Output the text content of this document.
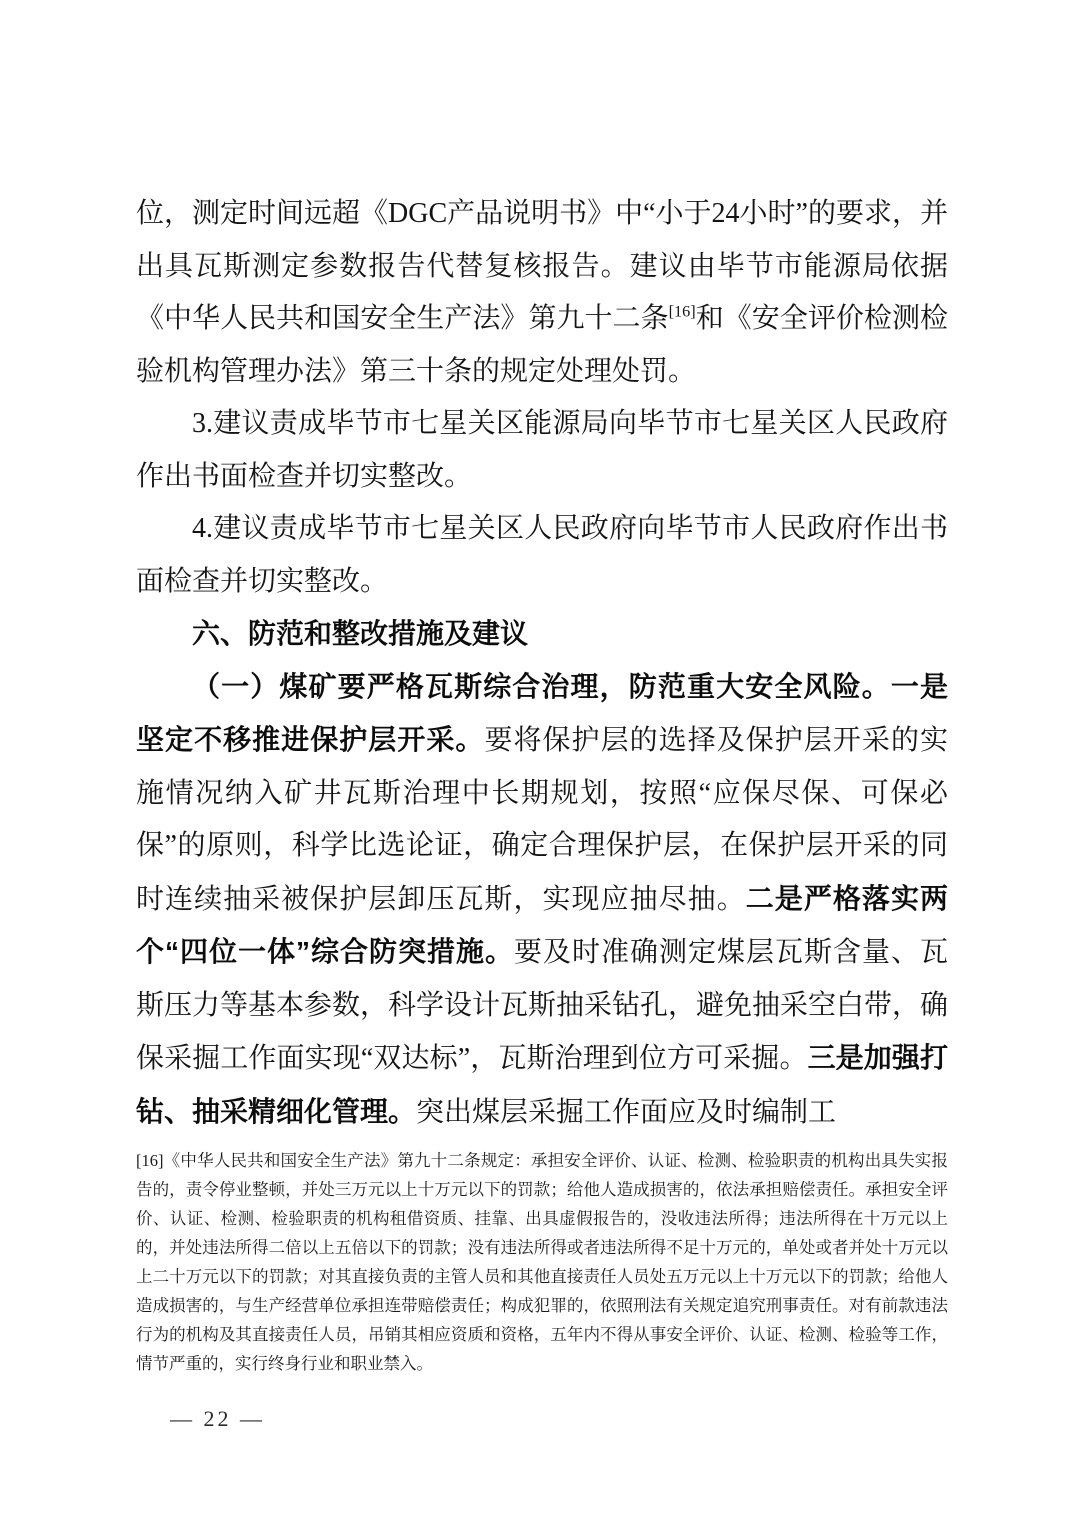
位，测定时间远超《DGC产品说明书》中“小于24小时”的要求，并出具瓦斯测定参数报告代替复核报告。建议由毕节市能源局依据《中华人民共和国安全生产法》第九十二条[16]和《安全评价检测检验机构管理办法》第三十条的规定处理处罚。

3.建议责成毕节市七星关区能源局向毕节市七星关区人民政府作出书面检查并切实整改。

4.建议责成毕节市七星关区人民政府向毕节市人民政府作出书面检查并切实整改。

六、防范和整改措施及建议

（一）煤矿要严格瓦斯综合治理，防范重大安全风险。一是坚定不移推进保护层开采。要将保护层的选择及保护层开采的实施情况纳入矿井瓦斯治理中长期规划，按照“应保尽保、可保必保”的原则，科学比选论证，确定合理保护层，在保护层开采的同时连续抽采被保护层卸压瓦斯，实现应抽尽抽。二是严格落实两个“四位一体”综合防突措施。要及时准确测定煤层瓦斯含量、瓦斯压力等基本参数，科学设计瓦斯抽采钻孔，避免抽采空白带，确保采掘工作面实现“双达标”，瓦斯治理到位方可采掘。三是加强打钻、抽采精细化管理。突出煤层采掘工作面应及时编制工

[16]《中华人民共和国安全生产法》第九十二条规定：承担安全评价、认证、检测、检验职责的机构出具失实报告的，责令停业整顿，并处三万元以上十万元以下的罚款；给他人造成损害的，依法承担赔偿责任。承担安全评价、认证、检测、检验职责的机构租借资质、挂靠、出具虚假报告的，没收违法所得；违法所得在十万元以上的，并处违法所得二倍以上五倍以下的罚款；没有违法所得或者违法所得不足十万元的，单处或者并处十万元以上二十万元以下的罚款；对其直接负责的主管人员和其他直接责任人员处五万元以上十万元以下的罚款；给他人造成损害的，与生产经营单位承担连带赔偿责任；构成犯罪的，依照刑法有关规定追究刑事责任。对有前款违法行为的机构及其直接责任人员，吊销其相应资质和资格，五年内不得从事安全评价、认证、检测、检验等工作，情节严重的，实行终身行业和职业禁入。

— 22 —
